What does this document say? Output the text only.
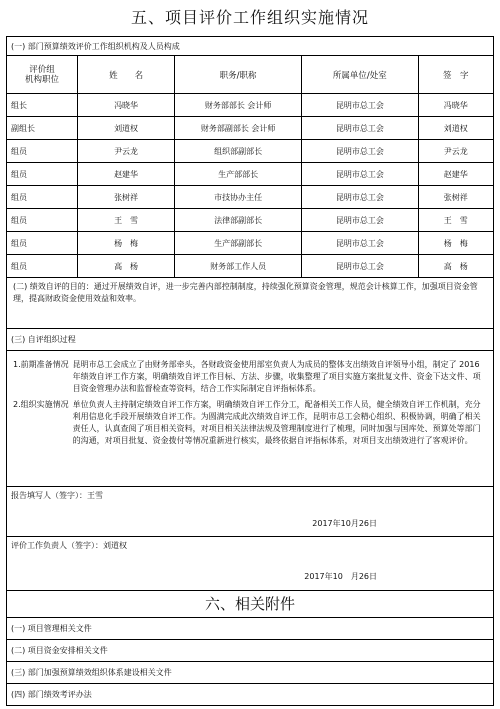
五、项目评价工作组织实施情况
(一) 部门预算绩效评价工作组织机构及人员构成				
评价组
机构职位	姓　　名	职务/职称	所属单位/处室	签　字
组长	冯晓华	财务部部长 会计师	昆明市总工会	冯晓华
副组长	刘道权	财务部副部长 会计师	昆明市总工会	刘道权
组员	尹云龙	组织部副部长	昆明市总工会	尹云龙
组员	赵建华	生产部部长	昆明市总工会	赵建华
组员	张树祥	市技协办主任	昆明市总工会	张树祥
组员	王　雪	法律部副部长	昆明市总工会	王　雪
组员	杨　梅	生产部副部长	昆明市总工会	杨　梅
组员	高　杨	财务部工作人员	昆明市总工会	高　杨
(二) 绩效自评的目的：通过开展绩效自评，进一步完善内部控制制度，持续强化预算资金管理，规范会计核算工作，加强项目资金管理，提高财政资金使用效益和效率。				
(三) 自评组织过程				

1.前期准备情况 昆明市总工会成立了由财务部牵头，各财政资金使用部室负责人为成员的整体支出绩效自评领导小组，制定了 2016 年绩效自评工作方案，明确绩效自评工作目标、方法、步骤，收集整理了项目实施方案批复文件、资金下达文件、项目资金管理办法和监督检查等资料，结合工作实际制定自评指标体系。
2.组织实施情况 单位负责人主持制定绩效自评工作方案，明确绩效自评工作分工，配备相关工作人员，健全绩效自评工作机制，充分利用信息化手段开展绩效自评工作。为圆满完成此次绩效自评工作，昆明市总工会精心组织、积极协调，明确了相关责任人，认真查阅了项目相关资料，对项目相关法律法规及管理制度进行了梳理，同时加强与国库处、预算处等部门的沟通，对项目批复、资金拨付等情况重新进行核实，最终依据自评指标体系，对项目支出绩效进行了客观评价。				

报告填写人（签字）：王雪
2017年10月26日				

评价工作负责人（签字）：刘道权
2017年10　月26日				
六、相关附件
(一) 项目管理相关文件
(二) 项目资金安排相关文件
(三) 部门加强预算绩效组织体系建设相关文件
(四) 部门绩效考评办法
